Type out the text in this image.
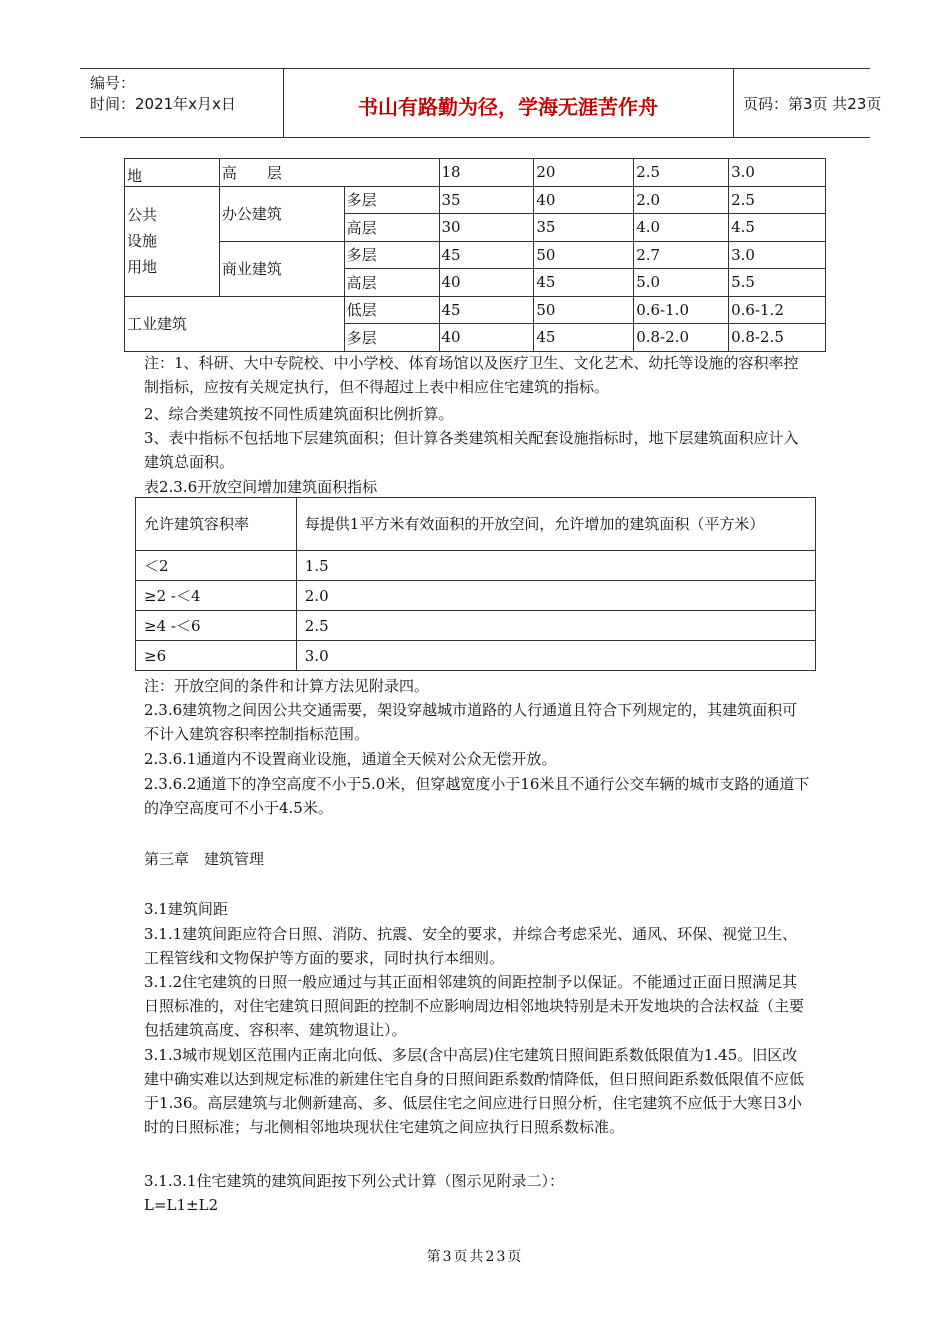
编号：
时间：2021年x月x日	书山有路勤为径，学海无涯苦作舟	页码：第3页 共23页
地	高　　层		18	20	2.5	3.0

公共
设施
用地	办公建筑	多层	35	40	2.0	2.5
		高层	30	35	4.0	4.5
	商业建筑	多层	45	50	2.7	3.0
		高层	40	45	5.0	5.5
工业建筑		低层	45	50	0.6-1.0	0.6-1.2
		多层	40	45	0.8-2.0	0.8-2.5
注：1、科研、大中专院校、中小学校、体育场馆以及医疗卫生、文化艺术、幼托等设施的容积率控制指标，应按有关规定执行，但不得超过上表中相应住宅建筑的指标。
2、综合类建筑按不同性质建筑面积比例折算。
3、表中指标不包括地下层建筑面积；但计算各类建筑相关配套设施指标时，地下层建筑面积应计入建筑总面积。
表2.3.6开放空间增加建筑面积指标
允许建筑容积率	每提供1平方米有效面积的开放空间，允许增加的建筑面积（平方米）
＜2	1.5
≥2 -＜4	2.0
≥4 -＜6	2.5
≥6	3.0
注：开放空间的条件和计算方法见附录四。
2.3.6建筑物之间因公共交通需要，架设穿越城市道路的人行通道且符合下列规定的，其建筑面积可不计入建筑容积率控制指标范围。
2.3.6.1通道内不设置商业设施，通道全天候对公众无偿开放。
2.3.6.2通道下的净空高度不小于5.0米，但穿越宽度小于16米且不通行公交车辆的城市支路的通道下的净空高度可不小于4.5米。
第三章　建筑管理
3.1建筑间距
3.1.1建筑间距应符合日照、消防、抗震、安全的要求，并综合考虑采光、通风、环保、视觉卫生、工程管线和文物保护等方面的要求，同时执行本细则。
3.1.2住宅建筑的日照一般应通过与其正面相邻建筑的间距控制予以保证。不能通过正面日照满足其日照标准的，对住宅建筑日照间距的控制不应影响周边相邻地块特别是未开发地块的合法权益（主要包括建筑高度、容积率、建筑物退让）。
3.1.3城市规划区范围内正南北向低、多层(含中高层)住宅建筑日照间距系数低限值为1.45。旧区改建中确实难以达到规定标准的新建住宅自身的日照间距系数酌情降低，但日照间距系数低限值不应低于1.36。高层建筑与北侧新建高、多、低层住宅之间应进行日照分析，住宅建筑不应低于大寒日3小时的日照标准；与北侧相邻地块现状住宅建筑之间应执行日照系数标准。
3.1.3.1住宅建筑的建筑间距按下列公式计算（图示见附录二）：
L=L1±L2
第3页共23页
